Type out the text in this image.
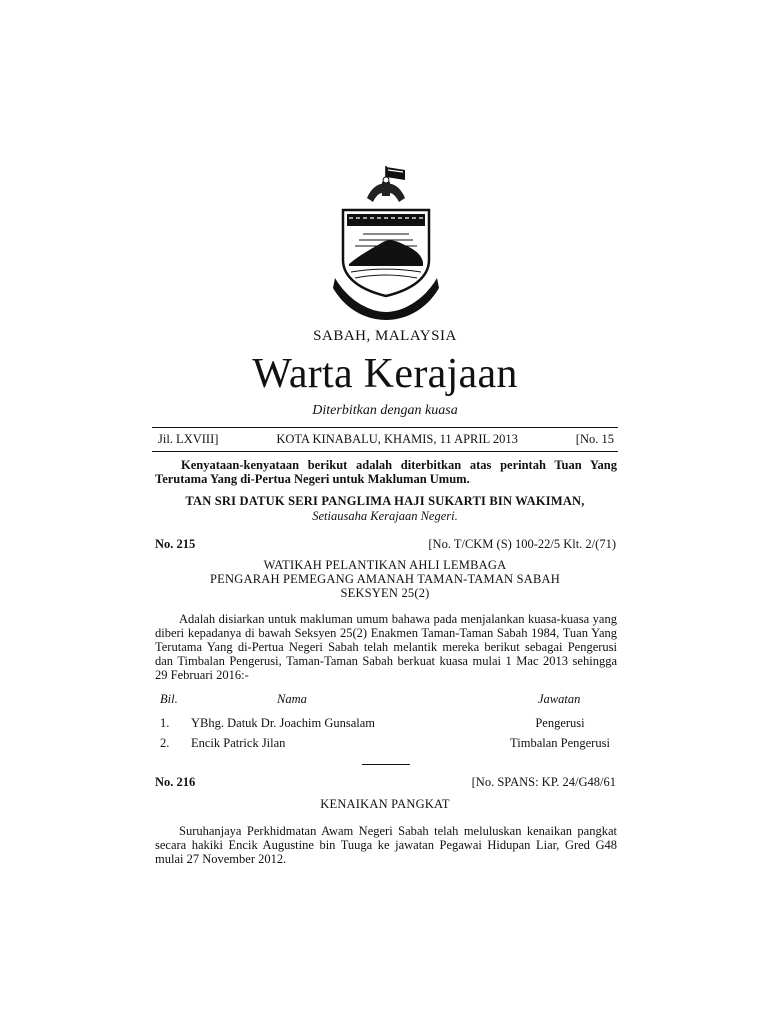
SABAH MAJU JAYA
SABAH, MALAYSIA
Warta Kerajaan
Diterbitkan dengan kuasa
Jil. LXVIII]	KOTA KINABALU, KHAMIS, 11 APRIL 2013	[No. 15
Kenyataan-kenyataan berikut adalah diterbitkan atas perintah Tuan Yang Terutama Yang di-Pertua Negeri untuk Makluman Umum.
TAN SRI DATUK SERI PANGLIMA HAJI SUKARTI BIN WAKIMAN,
Setiausaha Kerajaan Negeri.
No. 215	[No. T/CKM (S) 100-22/5 Klt. 2/(71)
WATIKAH PELANTIKAN AHLI LEMBAGA
PENGARAH PEMEGANG AMANAH TAMAN-TAMAN SABAH
SEKSYEN 25(2)
Adalah disiarkan untuk makluman umum bahawa pada menjalankan kuasa-kuasa yang diberi kepadanya di bawah Seksyen 25(2) Enakmen Taman-Taman Sabah 1984, Tuan Yang Terutama Yang di-Pertua Negeri Sabah telah melantik mereka berikut sebagai Pengerusi dan Timbalan Pengerusi, Taman-Taman Sabah berkuat kuasa mulai 1 Mac 2013 sehingga 29 Februari 2016:-
Bil.	Nama	Jawatan
1. YBhg. Datuk Dr. Joachim Gunsalam	Pengerusi
2. Encik Patrick Jilan	Timbalan Pengerusi
No. 216	[No. SPANS: KP. 24/G48/61
KENAIKAN PANGKAT
Suruhanjaya Perkhidmatan Awam Negeri Sabah telah meluluskan kenaikan pangkat secara hakiki Encik Augustine bin Tuuga ke jawatan Pegawai Hidupan Liar, Gred G48 mulai 27 November 2012.
